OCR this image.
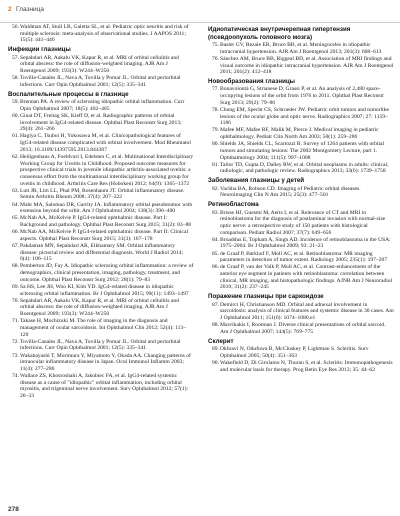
2 Глазница
56. Waldman AT, Stull LB, Galetta SL, et al. Pediatric optic neuritis and risk of multiple sclerosis: meta-analysis of observational studies. J AAPOS 2011; 15(5): 441–446
Инфекции глазницы
57. Sepahdari AR, Aakalu VK, Kapur R, et al. MRI of orbital cellulitis and orbital abscess: the role of diffusion-weighted imaging. AJR Am J Roentgenol 2009; 193(3): W244–W250
58. Tovilla-Canales JL, Nava A, Tovilla y Pomar JL. Orbital and periorbital infections. Curr Opin Ophthalmol 2001; 12(5): 335–341
Воспалительные процессы в глазнице
59. Brennan PA. A review of sclerosing idiopathic orbital inflammation. Curr Opin Ophthalmol 2007; 18(5): 402–405
60. Ginat DT, Freitag SK, Kieff D, et al. Radiographic patterns of orbital involvement in IgG4-related disease. Ophthal Plast Reconstr Surg 2013; 29(4): 261–266
61. Hagiya C, Tsuboi H, Yokosawa M, et al. Clinicopathological features of IgG4-related disease complicated with orbital involvement. Mod Rheumatol 2013; 10.3109/14397595.2013.844307
62. Heiligenhaus A, Foeldvari I, Edelsten C, et al. Multinational Interdisciplinary Working Group for Uveitis in Childhood. Proposed outcome measures for prospective clinical trials in juvenile idiopathic arthritis-associated uveitis: a consensus effort from the multinational interdisciplinary working group for uveitis in childhood. Arthritis Care Res (Hoboken) 2012; 64(9): 1365–1372
63. Lutt JR, Lim LL, Phal PM, Rosenbaum JT. Orbital inflammatory disease. Semin Arthritis Rheum 2008; 37(4): 207–222
64. Mahr MA, Salomao DR, Garrity JA. Inflammatory orbital pseudotumor with extension beyond the orbit. Am J Ophthalmol 2004; 138(3): 396–400
65. McNab AA, McKelvie P. IgG4-related ophthalmic disease. Part I: Background and pathology. Ophthal Plast Reconstr Surg 2015; 31(2): 83–88
66. McNab AA, McKelvie P. IgG4-related ophthalmic disease. Part II: Clinical aspects. Ophthal Plast Reconstr Surg 2015; 31(3): 167–178
67. Pakdaman MN, Sepahdari AR, Elkhamary SM. Orbital inflammatory disease: pictorial review and differential diagnosis. World J Radiol 2014; 6(4): 106–115
68. Pemberton JD, Fay A. Idiopathic sclerosing orbital inflammation: a review of demographics, clinical presentation, imaging, pathology, treatment, and outcome. Ophthal Plast Reconstr Surg 2012; 28(1): 79–83
69. Sa HS, Lee JH, Woo KI, Kim YD. IgG4-related disease in idiopathic sclerosing orbital inflammation. Br J Ophthalmol 2015; 99(11): 1493–1497
70. Sepahdari AR, Aakalu VK, Kapur R, et al. MRI of orbital cellulitis and orbital abscess: the role of diffusion-weighted imaging. AJR Am J Roentgenol 2009; 193(3): W244–W250
71. Takase H, Mochizuki M. The role of imaging in the diagnosis and management of ocular sarcoidosis. Int Ophthalmol Clin 2012; 52(4): 113–120
72. Tovilla-Canales JL, Nava A, Tovilla y Pomar JL. Orbital and periorbital infections. Curr Opin Ophthalmol 2001; 12(5): 335–341
73. Wakabayashi T, Morimura Y, Miyamoto Y, Okada AA. Changing patterns of intraocular inflammatory disease in Japan. Ocul Immunol Inflamm 2003; 11(4): 277–286
74. Wallace ZS, Khosroshahi A, Jakobiec FA, et al. IgG4-related systemic disease as a cause of "idiopathic" orbital inflammation, including orbital myositis, and trigeminal nerve involvement. Surv Ophthalmol 2012; 57(1): 26–33
Идиопатическая внутричерепная гипертензия (псевдоопухоль головного мозга)
75. Basler GV, Rezaie ER, Bruce BB, et al. Meningoceles in idiopathic intracranial hypertension. AJR Am J Roentgenol 2013; 201(3): 608–613
76. Sánchez AM, Bruce BB, Riggeal BD, et al. Association of MRI findings and visual outcome in idiopathic intracranial hypertension. AJR Am J Roentgenol 2011; 201(2): 412–418
Новообразования глазницы
77. Bonavolontà G, Strianese D, Grassi P, et al. An analysis of 2,480 space-occupying lesions of the orbit from 1976 to 2011. Ophthal Plast Reconstr Surg 2013; 29(2): 79–86
78. Chung EM, Specht CS, Schroeder JW. Pediatric orbit tumors and tumorlike lesions of the ocular globe and optic nerve. Radiographics 2007; 27: 1159–1186
79. Mafee MF, Mafee RF, Malik M, Pierce J. Medical imaging in pediatric ophthalmology. Pediatr Clin North Am 2003; 50(1): 259–286
80. Shields JA, Shields CL, Scartozzi R. Survey of 1264 patients with orbital tumors and simulating lesions: The 2002 Montgomery Lecture, part 1. Ophthalmology 2004; 111(5): 997–1008
81. Tailor TD, Gupta D, Dalley RW, et al. Orbital neoplasms in adults: clinical, radiologic, and pathologic review. Radiographics 2013; 33(6): 1739–1758
Заболевания глазницы у детей
82. Vachha BA, Robson CD. Imaging of Pediatric orbital diseases. Neuroimaging Clin N Am 2015; 25(3): 477–501
Ретинобластома
83. Brisse HJ, Guesmi M, Aerts I, et al. Relevance of CT and MRI in retinoblastoma for the diagnosis of postlaminar invasion with normal-size optic nerve: a retrospective study of 150 patients with histological comparison. Pediatr Radiol 2007; 37(7): 649–656
84. Broaddus E, Topham A, Singh AD. Incidence of retinoblastoma in the USA: 1975–2004. Br J Ophthalmol 2009; 93: 21–23
85. de Graaf P, Barkhof F, Moll AC, et al. Retinoblastoma: MR imaging parameters in detection of tumor extent. Radiology 2005; 235(1): 197–207
86. de Graaf P, van der Valk P, Moll AC, et al. Contrast-enhancement of the anterior eye segment in patients with retinoblastoma: correlation between clinical, MR imaging, and histopathologic findings. AJNR Am J Neuroradiol 2010; 31(2): 237–245
Поражение глазницы при саркоидозе
87. Demirci H, Christianson MD. Orbital and adnexal involvement in sarcoidosis: analysis of clinical features and systemic disease in 30 cases. Am J Ophthalmol 2011; 151(6): 1074–1080.e1
88. Mavrikakis I, Rootman J. Diverse clinical presentations of orbital sarcoid. Am J Ophthalmol 2007; 144(5): 769–775
Склерит
89. Okhravi N, Odufuwa B, McCluskey P, Lightman S. Scleritis. Surv Ophthalmol 2005; 50(4): 351–363
90. Wakefield D, Di Girolamo N, Thurau S, et al. Scleritis: Immunopathogenesis and molecular basis for therapy. Prog Retin Eye Res 2013; 35: 44–62
278
